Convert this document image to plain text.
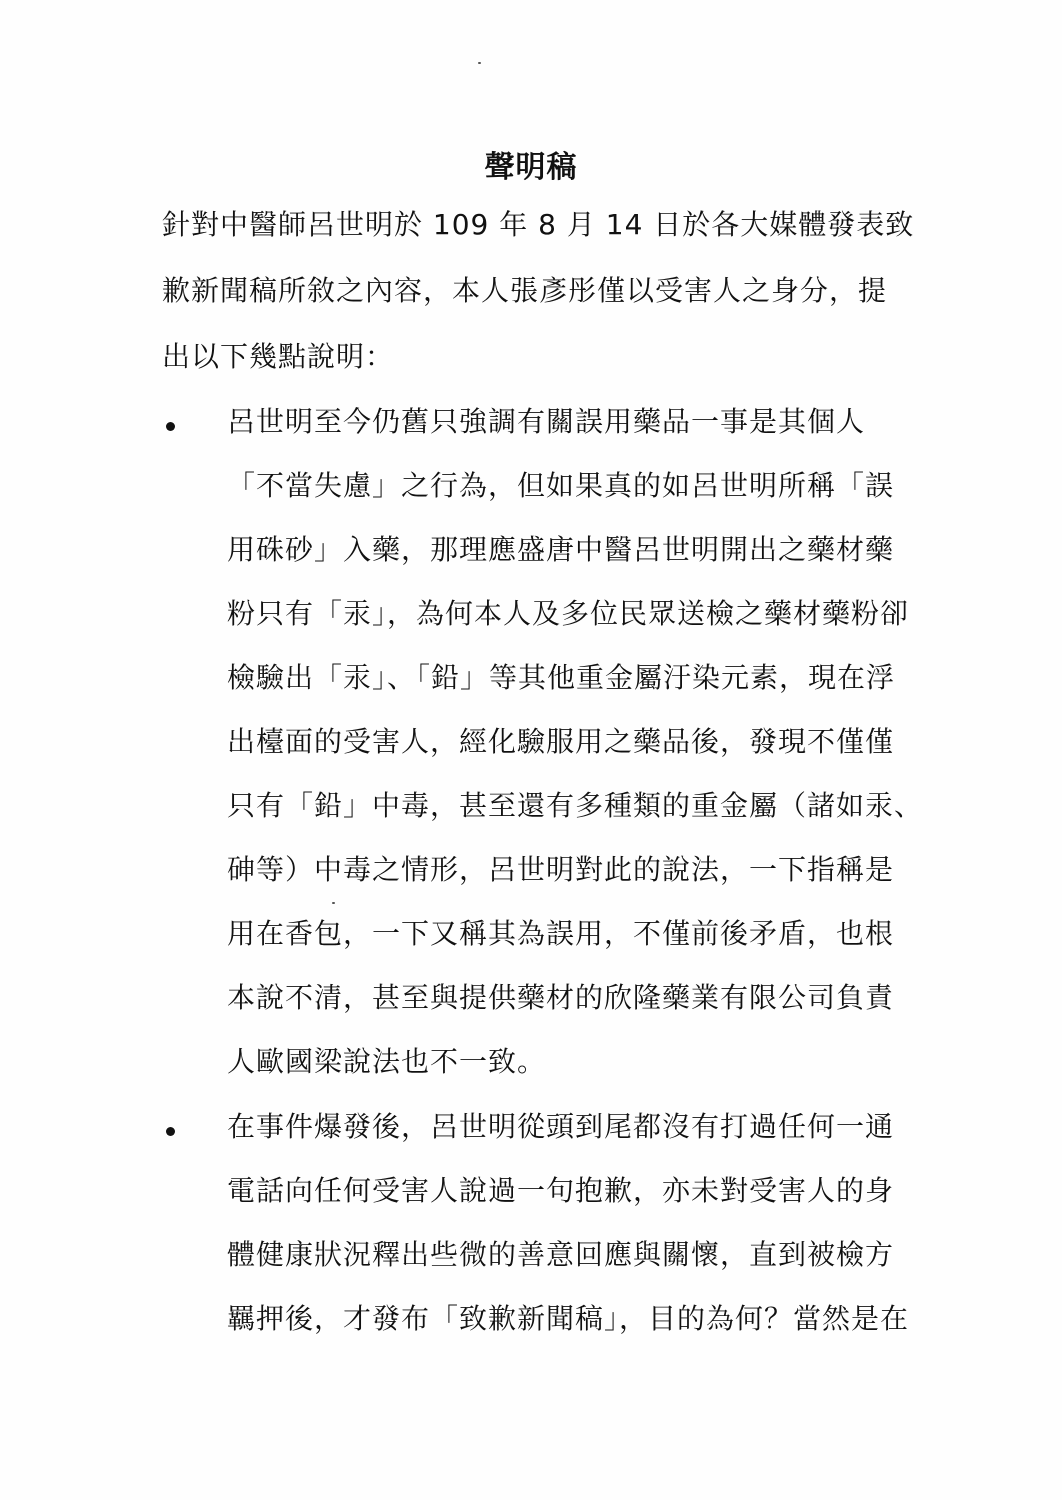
聲明稿
針對中醫師呂世明於 109 年 8 月 14 日於各大媒體發表致
歉新聞稿所敘之內容，本人張彥彤僅以受害人之身分，提
出以下幾點說明：
呂世明至今仍舊只強調有關誤用藥品一事是其個人
「不當失慮」之行為，但如果真的如呂世明所稱「誤
用硃砂」入藥，那理應盛唐中醫呂世明開出之藥材藥
粉只有「汞」，為何本人及多位民眾送檢之藥材藥粉卻
檢驗出「汞」、「鉛」等其他重金屬汙染元素，現在浮
出檯面的受害人，經化驗服用之藥品後，發現不僅僅
只有「鉛」中毒，甚至還有多種類的重金屬（諸如汞、
砷等）中毒之情形，呂世明對此的說法，一下指稱是
用在香包，一下又稱其為誤用，不僅前後矛盾，也根
本說不清，甚至與提供藥材的欣隆藥業有限公司負責
人歐國梁說法也不一致。
在事件爆發後，呂世明從頭到尾都沒有打過任何一通
電話向任何受害人說過一句抱歉，亦未對受害人的身
體健康狀況釋出些微的善意回應與關懷，直到被檢方
羈押後，才發布「致歉新聞稿」，目的為何？當然是在
